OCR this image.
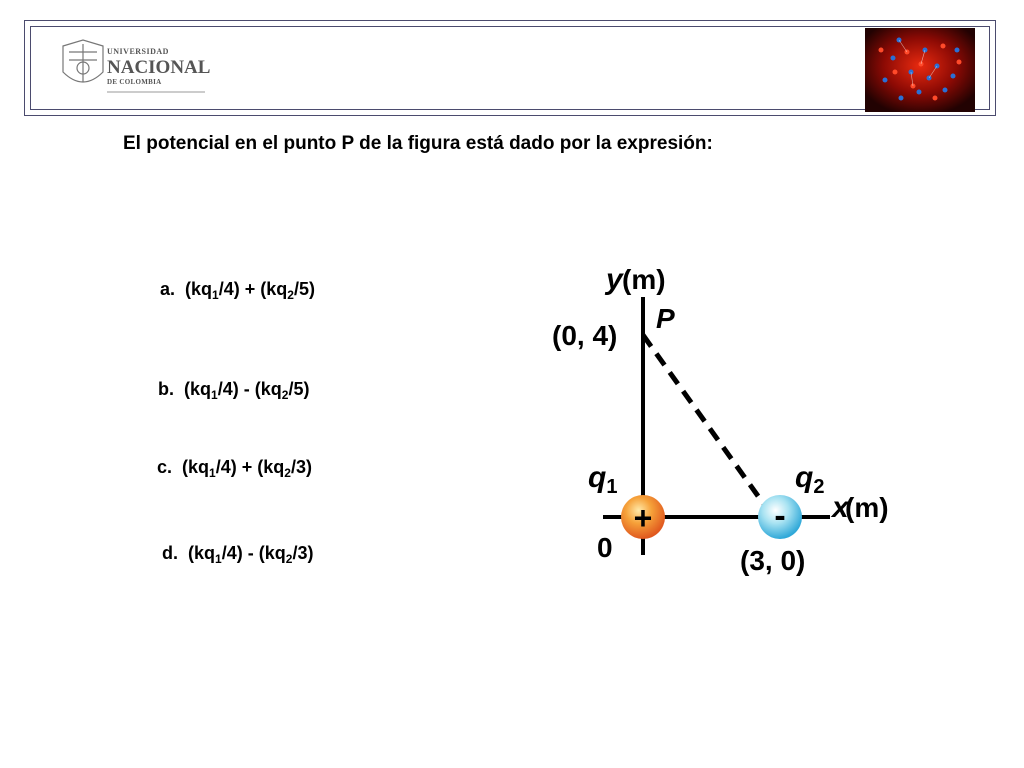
UNIVERSIDAD
NACIONAL
DE COLOMBIA
El potencial en el punto P de la figura está dado por la expresión:
a.  $(kq_1/4) + (kq_2/5)$
b.  $(kq_1/4) - (kq_2/5)$
c.  $(kq_1/4) + (kq_2/3)$
d.  $(kq_1/4) - (kq_2/3)$
+	-
y (m)
P
(0, 4)
$q_1$	$q_2$
x
(m)
0	(3, 0)
